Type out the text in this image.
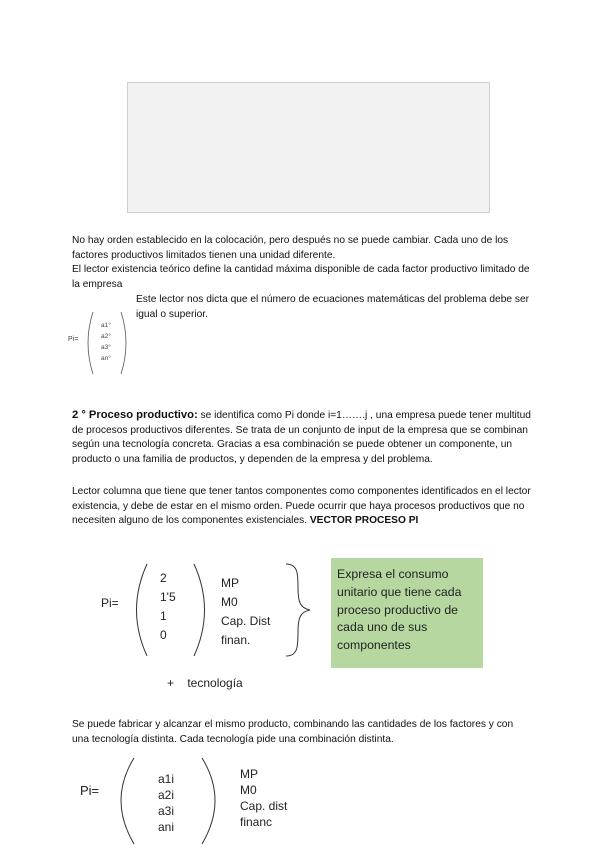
No hay orden establecido en la colocación, pero después no se puede cambiar. Cada uno de los factores productivos limitados tienen una unidad diferente.

El lector existencia teórico define la cantidad máxima disponible de cada factor productivo limitado de la empresa

Este lector nos dicta que el número de ecuaciones matemáticas del problema debe ser igual o superior.

Pi=
a1°
a2°
a3°
an°

2 ° Proceso productivo: se identifica como Pi donde i=1…….j , una empresa puede tener multitud de procesos productivos diferentes. Se trata de un conjunto de input de la empresa que se combinan según una tecnología concreta. Gracias a esa combinación se puede obtener un componente, un producto o una familia de productos, y dependen de la empresa y del problema.

Lector columna que tiene que tener tantos componentes como componentes identificados en el lector existencia, y debe de estar en el mismo orden. Puede ocurrir que haya procesos productivos que no necesiten alguno de los componentes existenciales. VECTOR PROCESO PI

Pi=
2
1'5
1
0
MP
M0
Cap. Dist
finan.
Expresa el consumo unitario que tiene cada proceso productivo de cada uno de sus componentes
+ tecnología

Se puede fabricar y alcanzar el mismo producto, combinando las cantidades de los factores y con una tecnología distinta. Cada tecnología pide una combinación distinta.

Pi=
a1i
a2i
a3i
ani
MP
M0
Cap. dist
financ
